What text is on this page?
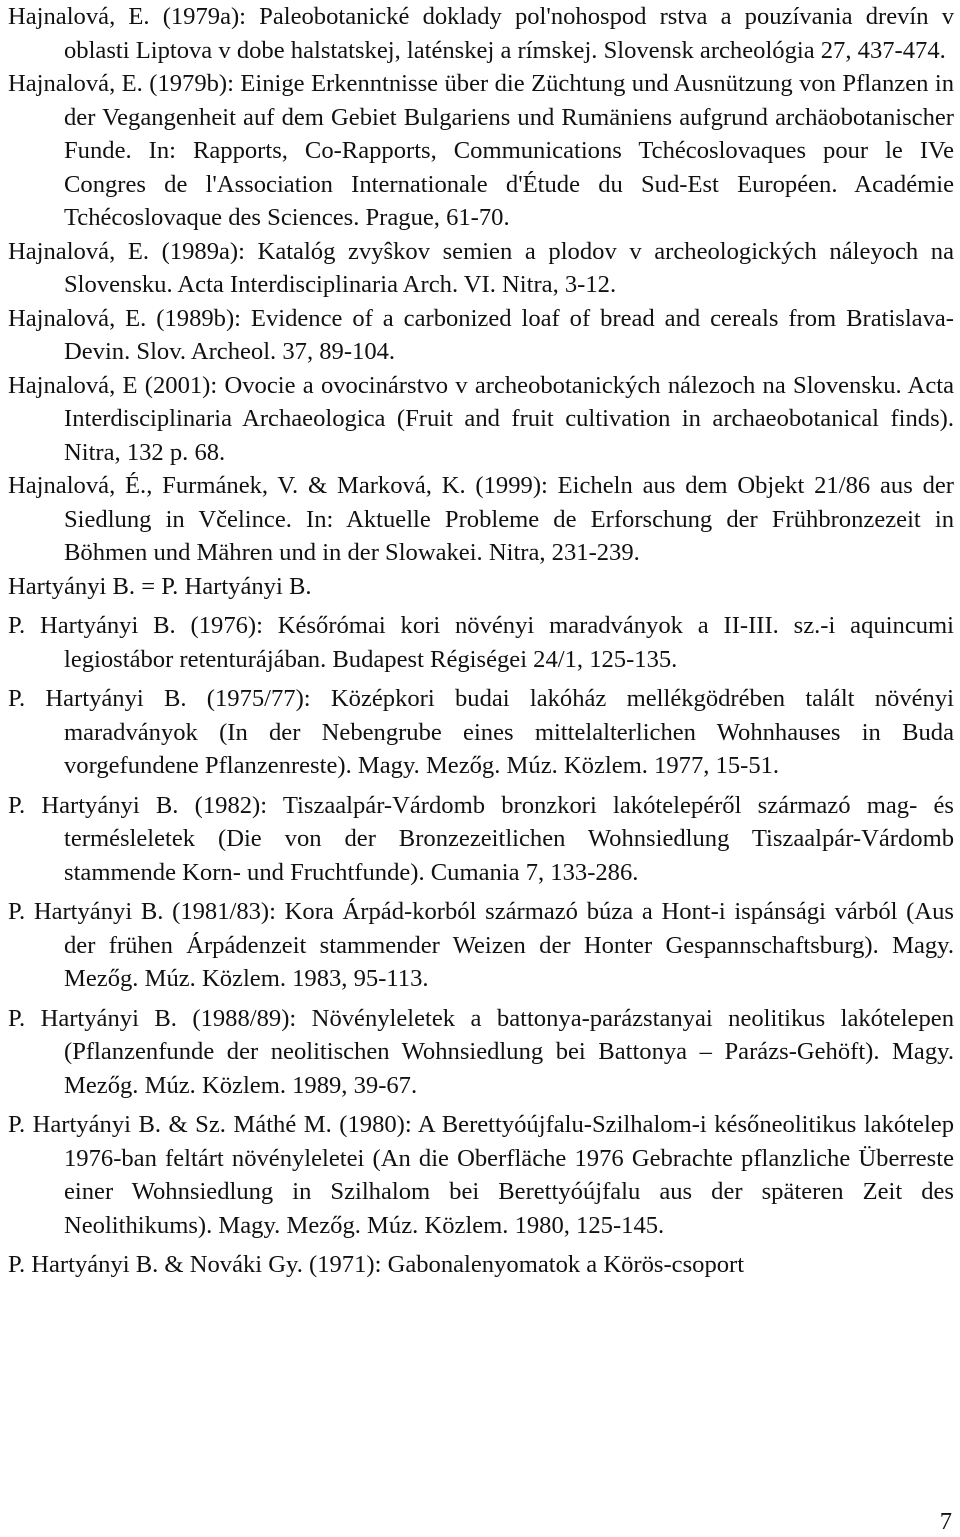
Hajnalová, E. (1979a): Paleobotanické doklady pol'nohospod rstva a pouzívania drevín v oblasti Liptova v dobe halstatskej, laténskej a rímskej. Slovensk archeológia 27, 437-474.

Hajnalová, E. (1979b): Einige Erkenntnisse über die Züchtung und Ausnützung von Pflanzen in der Vegangenheit auf dem Gebiet Bulgariens und Rumäniens aufgrund archäobotanischer Funde. In: Rapports, Co-Rapports, Communications Tchécoslovaques pour le IVe Congres de l'Association Internationale d'Étude du Sud-Est Européen. Académie Tchécoslovaque des Sciences. Prague, 61-70.

Hajnalová, E. (1989a): Katalóg zvyŝkov semien a plodov v archeologických náleyoch na Slovensku. Acta Interdisciplinaria Arch. VI. Nitra, 3-12.

Hajnalová, E. (1989b): Evidence of a carbonized loaf of bread and cereals from Bratislava-Devin. Slov. Archeol. 37, 89-104.

Hajnalová, E (2001): Ovocie a ovocinárstvo v archeobotanických nálezoch na Slovensku. Acta Interdisciplinaria Archaeologica (Fruit and fruit cultivation in archaeobotanical finds). Nitra, 132 p. 68.

Hajnalová, É., Furmánek, V. & Marková, K. (1999): Eicheln aus dem Objekt 21/86 aus der Siedlung in Včelince. In: Aktuelle Probleme de Erforschung der Frühbronzezeit in Böhmen und Mähren und in der Slowakei. Nitra, 231-239.

Hartyányi B. = P. Hartyányi B.

P. Hartyányi B. (1976): Későrómai kori növényi maradványok a II-III. sz.-i aquincumi legiostábor retenturájában. Budapest Régiségei 24/1, 125-135.

P. Hartyányi B. (1975/77): Középkori budai lakóház mellékgödrében talált növényi maradványok (In der Nebengrube eines mittelalterlichen Wohnhauses in Buda vorgefundene Pflanzenreste). Magy. Mezőg. Múz. Közlem. 1977, 15-51.

P. Hartyányi B. (1982): Tiszaalpár-Várdomb bronzkori lakótelepéről származó mag- és termésleletek (Die von der Bronzezeitlichen Wohnsiedlung Tiszaalpár-Várdomb stammende Korn- und Fruchtfunde). Cumania 7, 133-286.

P. Hartyányi B. (1981/83): Kora Árpád-korból származó búza a Hont-i ispánsági várból (Aus der frühen Árpádenzeit stammender Weizen der Honter Gespannschaftsburg). Magy. Mezőg. Múz. Közlem. 1983, 95-113.

P. Hartyányi B. (1988/89): Növényleletek a battonya-parázstanyai neolitikus lakótelepen (Pflanzenfunde der neolitischen Wohnsiedlung bei Battonya – Parázs-Gehöft). Magy. Mezőg. Múz. Közlem. 1989, 39-67.

P. Hartyányi B. & Sz. Máthé M. (1980): A Berettyóújfalu-Szilhalom-i későneolitikus lakótelep 1976-ban feltárt növényleletei (An die Oberfläche 1976 Gebrachte pflanzliche Überreste einer Wohnsiedlung in Szilhalom bei Berettyóújfalu aus der späteren Zeit des Neolithikums). Magy. Mezőg. Múz. Közlem. 1980, 125-145.

P. Hartyányi B. & Nováki Gy. (1971): Gabonalenyomatok a Körös-csoport

7
